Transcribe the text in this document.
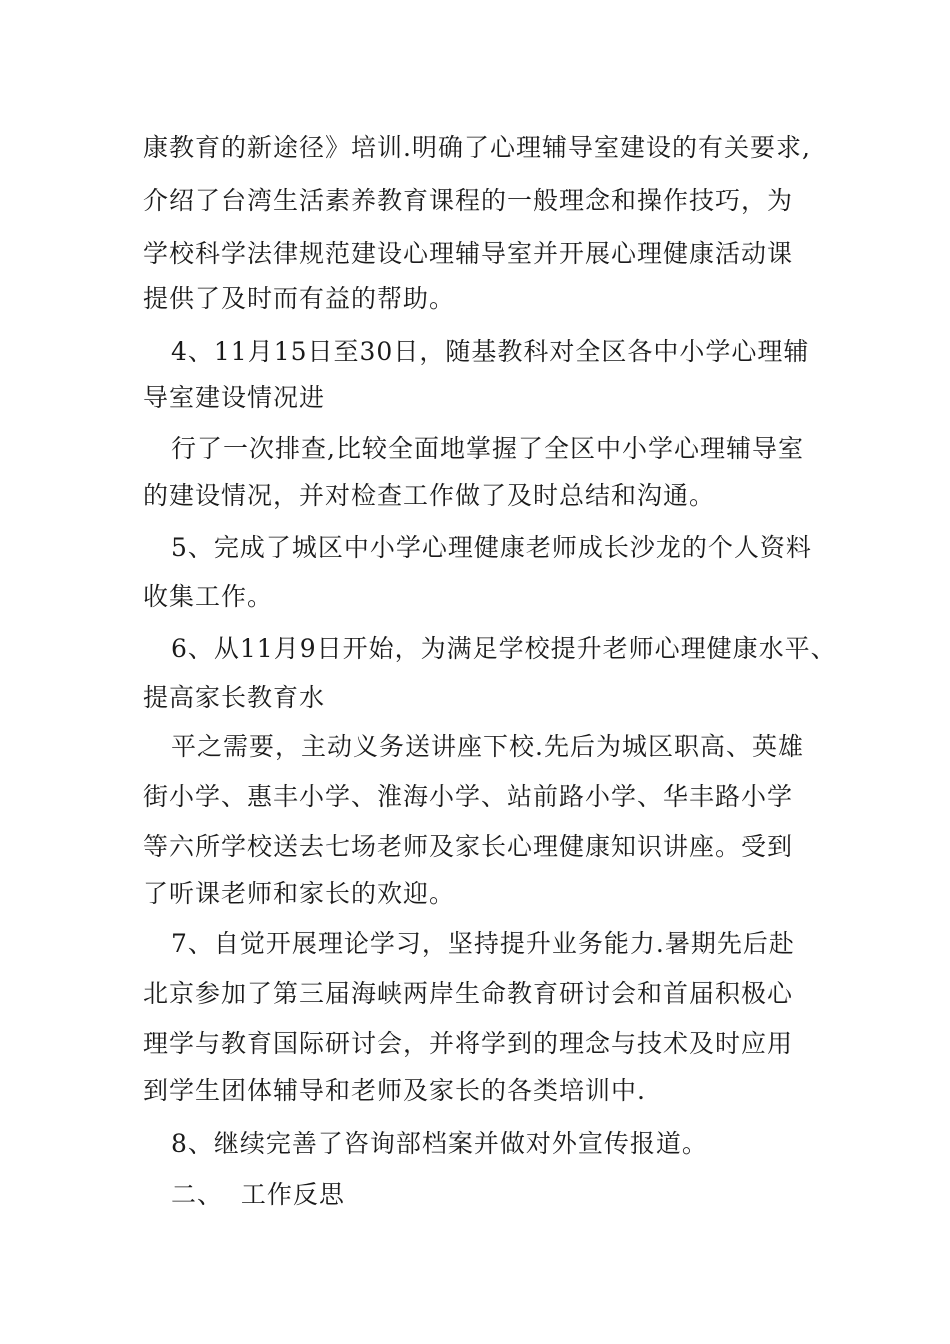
康教育的新途径》培训.明确了心理辅导室建设的有关要求,
介绍了台湾生活素养教育课程的一般理念和操作技巧，为
学校科学法律规范建设心理辅导室并开展心理健康活动课
提供了及时而有益的帮助。
4、11月15日至30日，随基教科对全区各中小学心理辅
导室建设情况进
行了一次排查,比较全面地掌握了全区中小学心理辅导室
的建设情况，并对检查工作做了及时总结和沟通。
5、完成了城区中小学心理健康老师成长沙龙的个人资料
收集工作。
6、从11月9日开始，为满足学校提升老师心理健康水平、
提高家长教育水
平之需要，主动义务送讲座下校.先后为城区职高、英雄
街小学、惠丰小学、淮海小学、站前路小学、华丰路小学
等六所学校送去七场老师及家长心理健康知识讲座。受到
了听课老师和家长的欢迎。
7、自觉开展理论学习，坚持提升业务能力.暑期先后赴
北京参加了第三届海峡两岸生命教育研讨会和首届积极心
理学与教育国际研讨会，并将学到的理念与技术及时应用
到学生团体辅导和老师及家长的各类培训中.
8、继续完善了咨询部档案并做对外宣传报道。
二、  工作反思
